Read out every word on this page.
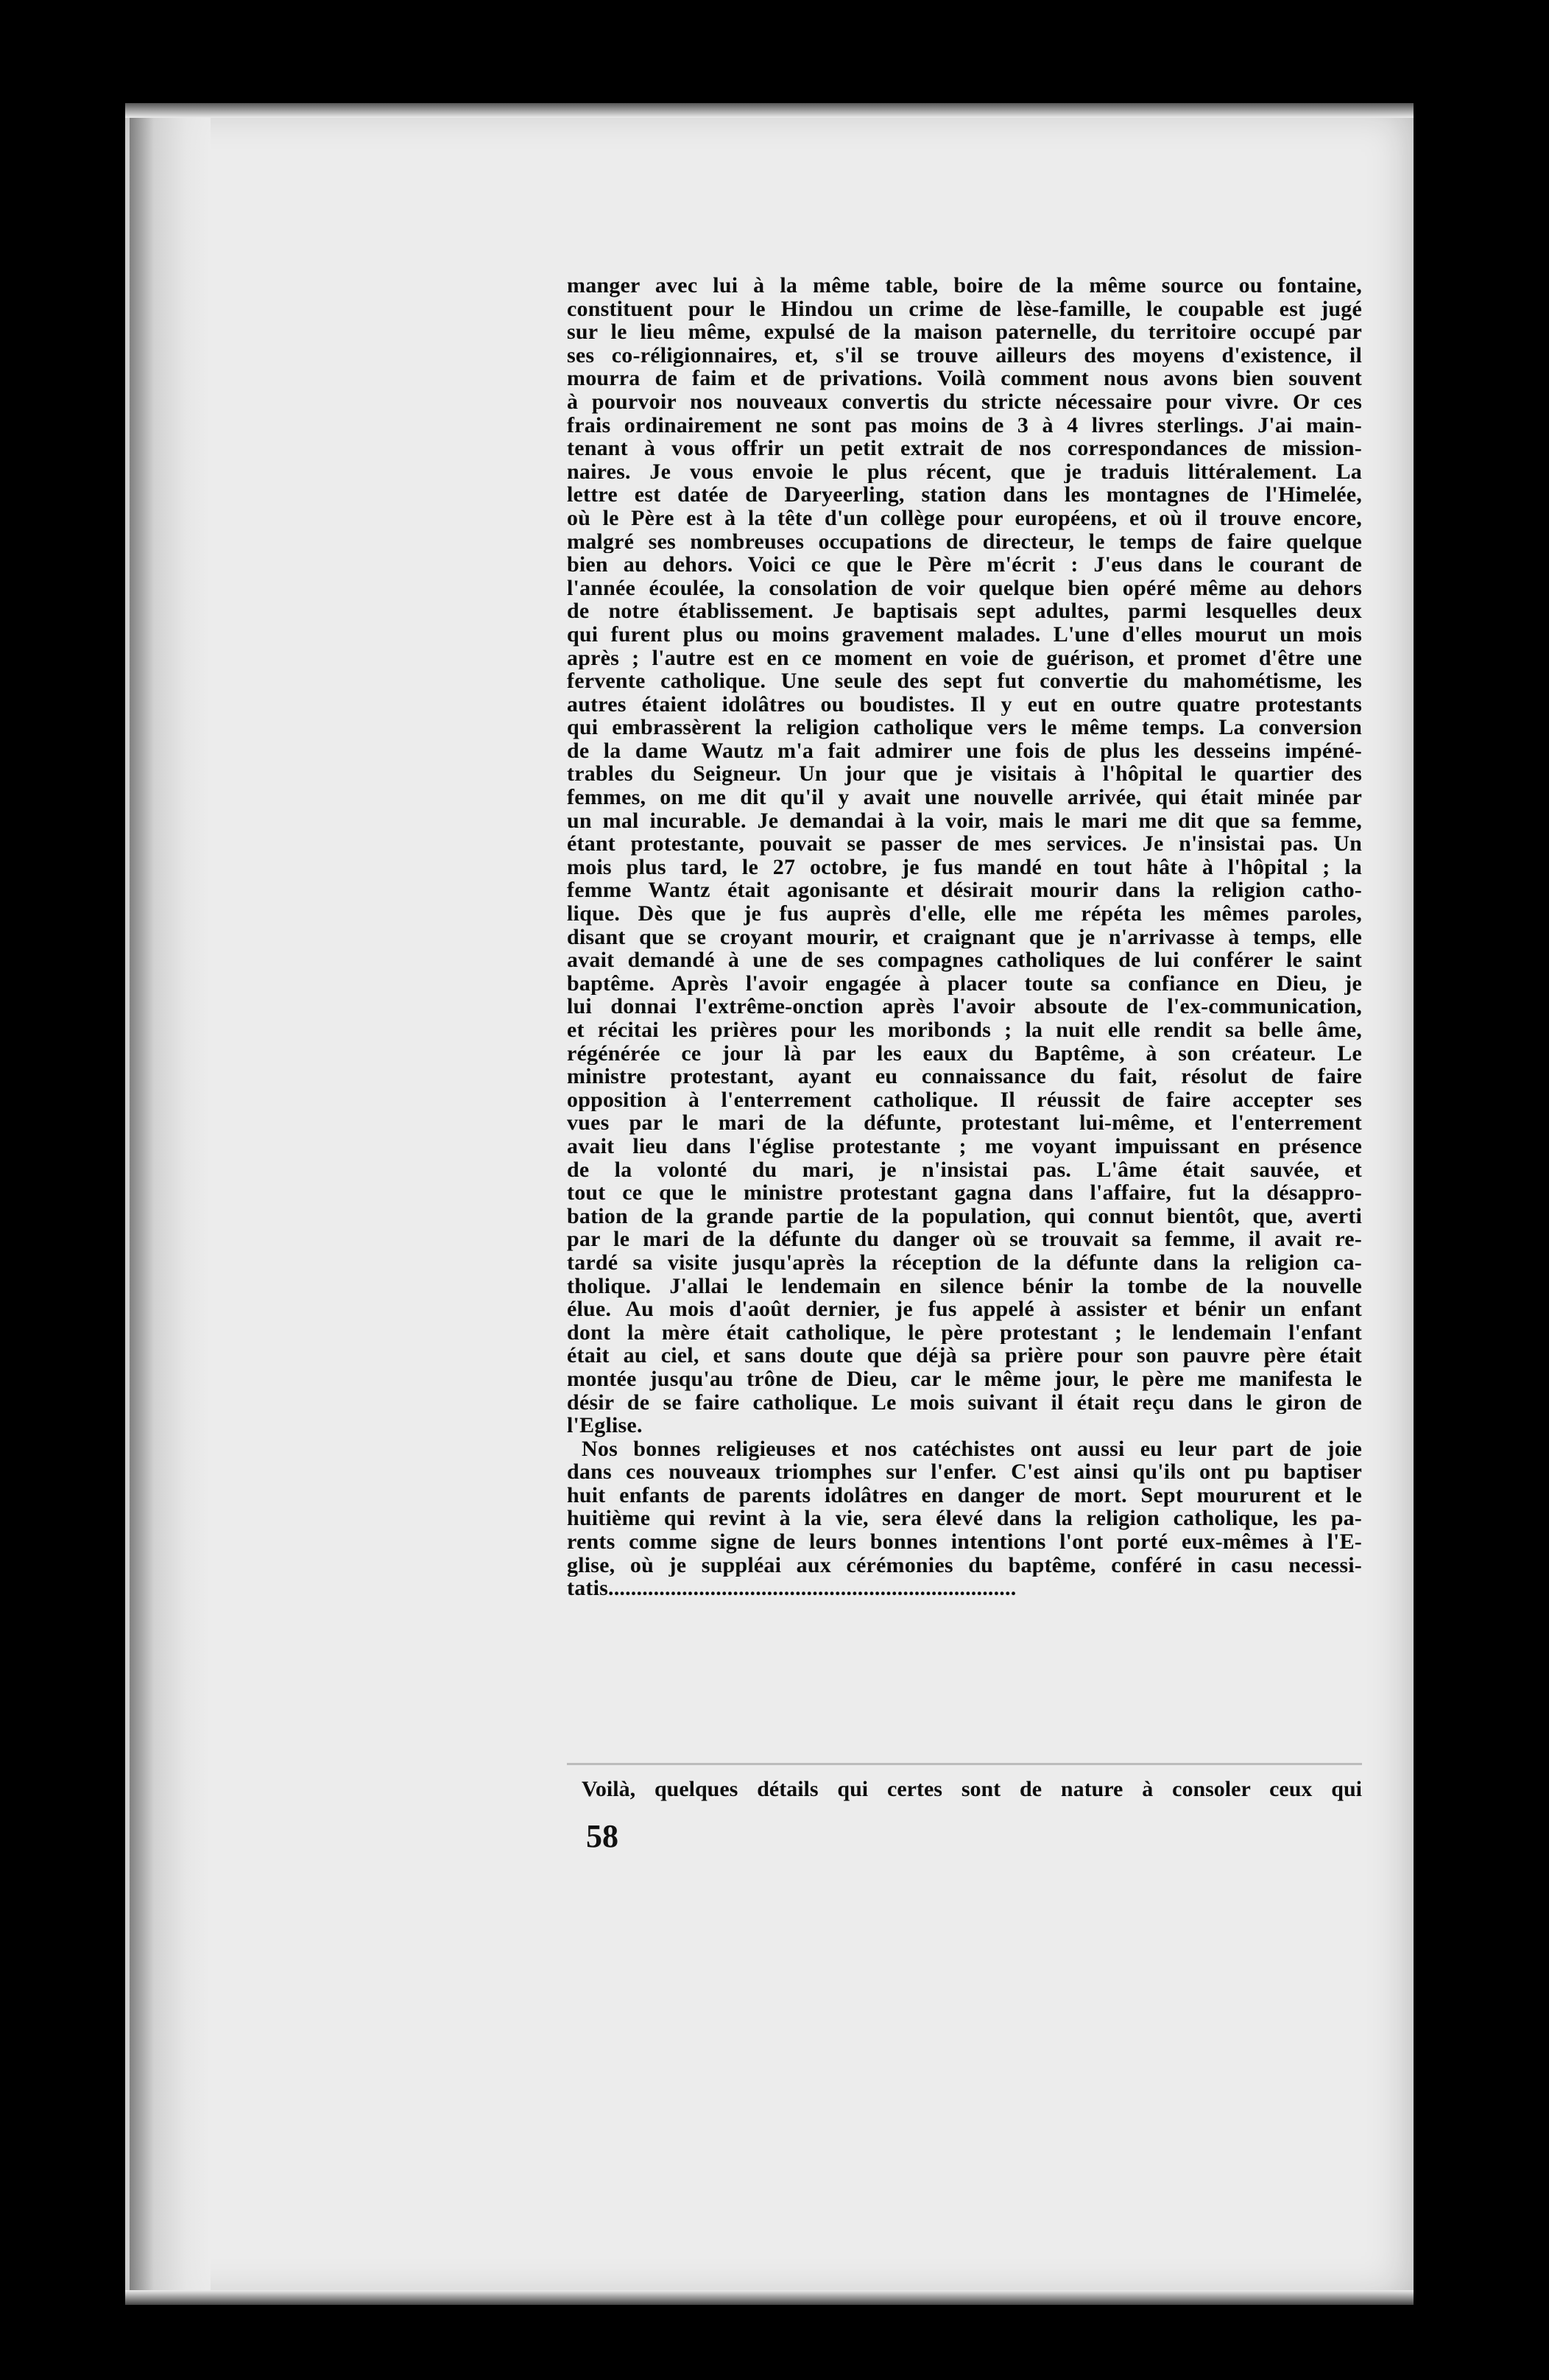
manger avec lui à la même table, boire de la même source ou fontaine,
constituent pour le Hindou un crime de lèse-famille, le coupable est jugé
sur le lieu même, expulsé de la maison paternelle, du territoire occupé par
ses co-réligionnaires, et, s'il se trouve ailleurs des moyens d'existence, il
mourra de faim et de privations. Voilà comment nous avons bien souvent
à pourvoir nos nouveaux convertis du stricte nécessaire pour vivre. Or ces
frais ordinairement ne sont pas moins de 3 à 4 livres sterlings. J'ai main-
tenant à vous offrir un petit extrait de nos correspondances de mission-
naires. Je vous envoie le plus récent, que je traduis littéralement. La
lettre est datée de Daryeerling, station dans les montagnes de l'Himelée,
où le Père est à la tête d'un collège pour européens, et où il trouve encore,
malgré ses nombreuses occupations de directeur, le temps de faire quelque
bien au dehors. Voici ce que le Père m'écrit : J'eus dans le courant de
l'année écoulée, la consolation de voir quelque bien opéré même au dehors
de notre établissement. Je baptisais sept adultes, parmi lesquelles deux
qui furent plus ou moins gravement malades. L'une d'elles mourut un mois
après ; l'autre est en ce moment en voie de guérison, et promet d'être une
fervente catholique. Une seule des sept fut convertie du mahométisme, les
autres étaient idolâtres ou boudistes. Il y eut en outre quatre protestants
qui embrassèrent la religion catholique vers le même temps. La conversion
de la dame Wautz m'a fait admirer une fois de plus les desseins impéné-
trables du Seigneur. Un jour que je visitais à l'hôpital le quartier des
femmes, on me dit qu'il y avait une nouvelle arrivée, qui était minée par
un mal incurable. Je demandai à la voir, mais le mari me dit que sa femme,
étant protestante, pouvait se passer de mes services. Je n'insistai pas. Un
mois plus tard, le 27 octobre, je fus mandé en tout hâte à l'hôpital ; la
femme Wantz était agonisante et désirait mourir dans la religion catho-
lique. Dès que je fus auprès d'elle, elle me répéta les mêmes paroles,
disant que se croyant mourir, et craignant que je n'arrivasse à temps, elle
avait demandé à une de ses compagnes catholiques de lui conférer le saint
baptême. Après l'avoir engagée à placer toute sa confiance en Dieu, je
lui donnai l'extrême-onction après l'avoir absoute de l'ex-communication,
et récitai les prières pour les moribonds ; la nuit elle rendit sa belle âme,
régénérée ce jour là par les eaux du Baptême, à son créateur. Le
ministre protestant, ayant eu connaissance du fait, résolut de faire
opposition à l'enterrement catholique. Il réussit de faire accepter ses
vues par le mari de la défunte, protestant lui-même, et l'enterrement
avait lieu dans l'église protestante ; me voyant impuissant en présence
de la volonté du mari, je n'insistai pas. L'âme était sauvée, et
tout ce que le ministre protestant gagna dans l'affaire, fut la désappro-
bation de la grande partie de la population, qui connut bientôt, que, averti
par le mari de la défunte du danger où se trouvait sa femme, il avait re-
tardé sa visite jusqu'après la réception de la défunte dans la religion ca-
tholique. J'allai le lendemain en silence bénir la tombe de la nouvelle
élue. Au mois d'août dernier, je fus appelé à assister et bénir un enfant
dont la mère était catholique, le père protestant ; le lendemain l'enfant
était au ciel, et sans doute que déjà sa prière pour son pauvre père était
montée jusqu'au trône de Dieu, car le même jour, le père me manifesta le
désir de se faire catholique. Le mois suivant il était reçu dans le giron de
l'Eglise.
Nos bonnes religieuses et nos catéchistes ont aussi eu leur part de joie
dans ces nouveaux triomphes sur l'enfer. C'est ainsi qu'ils ont pu baptiser
huit enfants de parents idolâtres en danger de mort. Sept moururent et le
huitième qui revint à la vie, sera élevé dans la religion catholique, les pa-
rents comme signe de leurs bonnes intentions l'ont porté eux-mêmes à l'E-
glise, où je suppléai aux cérémonies du baptême, conféré in casu necessi-
tatis........................................................................
Voilà, quelques détails qui certes sont de nature à consoler ceux qui
58
